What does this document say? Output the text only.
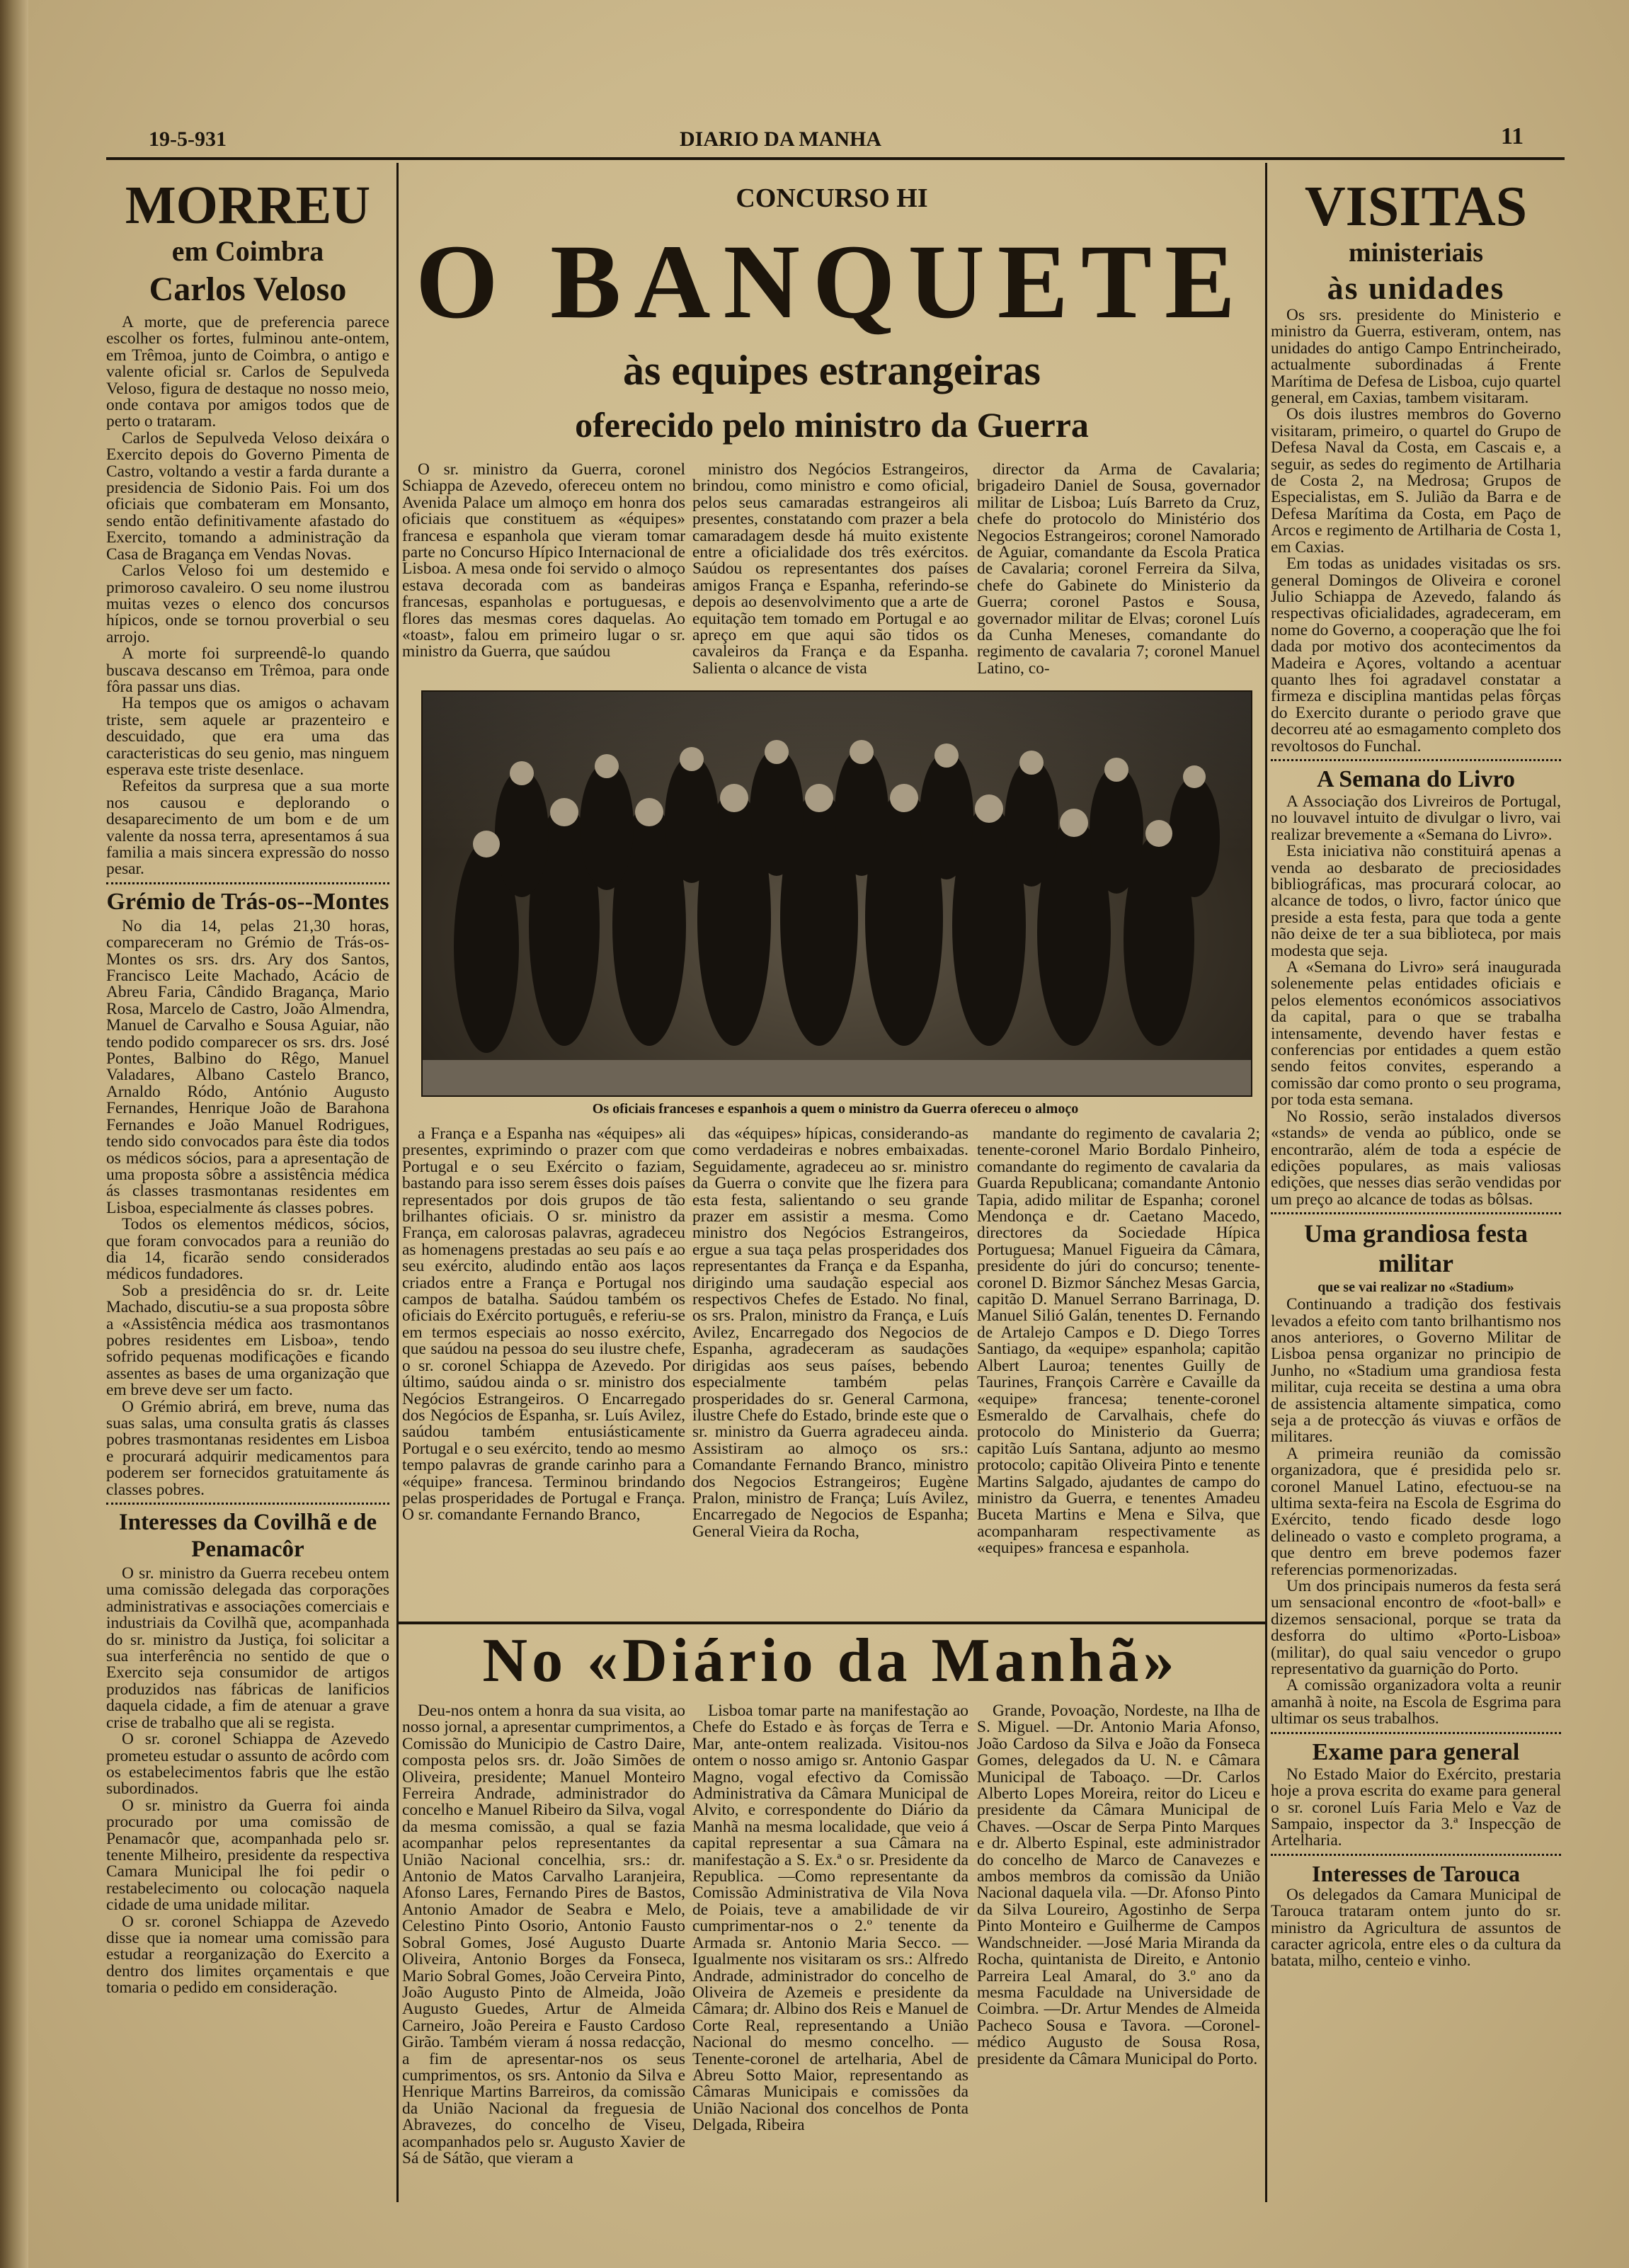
19-5-931	DIARIO DA MANHA	11
MORREU
em Coimbra
Carlos Veloso

A morte, que de preferencia parece escolher os fortes, fulminou ante-ontem, em Trêmoa, junto de Coimbra, o antigo e valente oficial sr. Carlos de Sepulveda Veloso, figura de destaque no nosso meio, onde contava por amigos todos que de perto o trataram.

Carlos de Sepulveda Veloso deixára o Exercito depois do Governo Pimenta de Castro, voltando a vestir a farda durante a presidencia de Sidonio Pais. Foi um dos oficiais que combateram em Monsanto, sendo então definitivamente afastado do Exercito, tomando a administração da Casa de Bragança em Vendas Novas.

Carlos Veloso foi um destemido e primoroso cavaleiro. O seu nome ilustrou muitas vezes o elenco dos concursos hípicos, onde se tornou proverbial o seu arrojo.

A morte foi surpreendê-lo quando buscava descanso em Trêmoa, para onde fôra passar uns dias.

Ha tempos que os amigos o achavam triste, sem aquele ar prazenteiro e descuidado, que era uma das caracteristicas do seu genio, mas ninguem esperava este triste desenlace.

Refeitos da surpresa que a sua morte nos causou e deplorando o desaparecimento de um bom e de um valente da nossa terra, apresentamos á sua familia a mais sincera expressão do nosso pesar.

Grémio de Trás-os--Montes

No dia 14, pelas 21,30 horas, compareceram no Grémio de Trás-os-Montes os srs. drs. Ary dos Santos, Francisco Leite Machado, Acácio de Abreu Faria, Cândido Bragança, Mario Rosa, Marcelo de Castro, João Almendra, Manuel de Carvalho e Sousa Aguiar, não tendo podido comparecer os srs. drs. José Pontes, Balbino do Rêgo, Manuel Valadares, Albano Castelo Branco, Arnaldo Ródo, António Augusto Fernandes, Henrique João de Barahona Fernandes e João Manuel Rodrigues, tendo sido convocados para êste dia todos os médicos sócios, para a apresentação de uma proposta sôbre a assistência médica ás classes trasmontanas residentes em Lisboa, especialmente ás classes pobres.

Todos os elementos médicos, sócios, que foram convocados para a reunião do dia 14, ficarão sendo considerados médicos fundadores.

Sob a presidência do sr. dr. Leite Machado, discutiu-se a sua proposta sôbre a «Assistência médica aos trasmontanos pobres residentes em Lisboa», tendo sofrido pequenas modificações e ficando assentes as bases de uma organização que em breve deve ser um facto.

O Grémio abrirá, em breve, numa das suas salas, uma consulta gratis ás classes pobres trasmontanas residentes em Lisboa e procurará adquirir medicamentos para poderem ser fornecidos gratuitamente ás classes pobres.

Interesses da Covilhã e de Penamacôr

O sr. ministro da Guerra recebeu ontem uma comissão delegada das corporações administrativas e associações comerciais e industriais da Covilhã que, acompanhada do sr. ministro da Justiça, foi solicitar a sua interferência no sentido de que o Exercito seja consumidor de artigos produzidos nas fábricas de lanificios daquela cidade, a fim de atenuar a grave crise de trabalho que ali se regista.

O sr. coronel Schiappa de Azevedo prometeu estudar o assunto de acôrdo com os estabelecimentos fabris que lhe estão subordinados.

O sr. ministro da Guerra foi ainda procurado por uma comissão de Penamacôr que, acompanhada pelo sr. tenente Milheiro, presidente da respectiva Camara Municipal lhe foi pedir o restabelecimento ou colocação naquela cidade de uma unidade militar.

O sr. coronel Schiappa de Azevedo disse que ia nomear uma comissão para estudar a reorganização do Exercito a dentro dos limites orçamentais e que tomaria o pedido em consideração.

CONCURSO HI
O BANQUETE
às equipes estrangeiras
oferecido pelo ministro da Guerra

O sr. ministro da Guerra, coronel Schiappa de Azevedo, ofereceu ontem no Avenida Palace um almoço em honra dos oficiais que constituem as «équipes» francesa e espanhola que vieram tomar parte no Concurso Hípico Internacional de Lisboa. A mesa onde foi servido o almoço estava decorada com as bandeiras francesas, espanholas e portuguesas, e flores das mesmas cores daquelas. Ao «toast», falou em primeiro lugar o sr. ministro da Guerra, que saúdou

ministro dos Negócios Estrangeiros, brindou, como ministro e como oficial, pelos seus camaradas estrangeiros ali presentes, constatando com prazer a bela camaradagem desde há muito existente entre a oficialidade dos três exércitos. Saúdou os representantes dos países amigos França e Espanha, referindo-se depois ao desenvolvimento que a arte de equitação tem tomado em Portugal e ao apreço em que aqui são tidos os cavaleiros da França e da Espanha. Salienta o alcance de vista

director da Arma de Cavalaria; brigadeiro Daniel de Sousa, governador militar de Lisboa; Luís Barreto da Cruz, chefe do protocolo do Ministério dos Negocios Estrangeiros; coronel Namorado de Aguiar, comandante da Escola Pratica de Cavalaria; coronel Ferreira da Silva, chefe do Gabinete do Ministerio da Guerra; coronel Pastos e Sousa, governador militar de Elvas; coronel Luís da Cunha Meneses, comandante do regimento de cavalaria 7; coronel Manuel Latino, co-

Os oficiais franceses e espanhois a quem o ministro da Guerra ofereceu o almoço

a França e a Espanha nas «équipes» ali presentes, exprimindo o prazer com que Portugal e o seu Exército o faziam, bastando para isso serem êsses dois países representados por dois grupos de tão brilhantes oficiais. O sr. ministro da França, em calorosas palavras, agradeceu as homenagens prestadas ao seu país e ao seu exército, aludindo então aos laços criados entre a França e Portugal nos campos de batalha. Saúdou também os oficiais do Exército português, e referiu-se em termos especiais ao nosso exército, que saúdou na pessoa do seu ilustre chefe, o sr. coronel Schiappa de Azevedo. Por último, saúdou ainda o sr. ministro dos Negócios Estrangeiros. O Encarregado dos Negócios de Espanha, sr. Luís Avilez, saúdou também entusiásticamente Portugal e o seu exército, tendo ao mesmo tempo palavras de grande carinho para a «équipe» francesa. Terminou brindando pelas prosperidades de Portugal e França. O sr. comandante Fernando Branco,

das «équipes» hípicas, considerando-as como verdadeiras e nobres embaixadas. Seguidamente, agradeceu ao sr. ministro da Guerra o convite que lhe fizera para esta festa, salientando o seu grande prazer em assistir a mesma. Como ministro dos Negócios Estrangeiros, ergue a sua taça pelas prosperidades dos representantes da França e da Espanha, dirigindo uma saudação especial aos respectivos Chefes de Estado. No final, os srs. Pralon, ministro da França, e Luís Avilez, Encarregado dos Negocios de Espanha, agradeceram as saudações dirigidas aos seus países, bebendo especialmente também pelas prosperidades do sr. General Carmona, ilustre Chefe do Estado, brinde este que o sr. ministro da Guerra agradeceu ainda. Assistiram ao almoço os srs.: Comandante Fernando Branco, ministro dos Negocios Estrangeiros; Eugène Pralon, ministro de França; Luís Avilez, Encarregado de Negocios de Espanha; General Vieira da Rocha,

mandante do regimento de cavalaria 2; tenente-coronel Mario Bordalo Pinheiro, comandante do regimento de cavalaria da Guarda Republicana; comandante Antonio Tapia, adido militar de Espanha; coronel Mendonça e dr. Caetano Macedo, directores da Sociedade Hípica Portuguesa; Manuel Figueira da Câmara, presidente do júri do concurso; tenente-coronel D. Bizmor Sánchez Mesas Garcia, capitão D. Manuel Serrano Barrinaga, D. Manuel Silió Galán, tenentes D. Fernando de Artalejo Campos e D. Diego Torres Santiago, da «equipe» espanhola; capitão Albert Lauroa; tenentes Guilly de Taurines, François Carrère e Cavaille da «equipe» francesa; tenente-coronel Esmeraldo de Carvalhais, chefe do protocolo do Ministerio da Guerra; capitão Luís Santana, adjunto ao mesmo protocolo; capitão Oliveira Pinto e tenente Martins Salgado, ajudantes de campo do ministro da Guerra, e tenentes Amadeu Buceta Martins e Mena e Silva, que acompanharam respectivamente as «equipes» francesa e espanhola.

No «Diário da Manhã»

Deu-nos ontem a honra da sua visita, ao nosso jornal, a apresentar cumprimentos, a Comissão do Municipio de Castro Daire, composta pelos srs. dr. João Simões de Oliveira, presidente; Manuel Monteiro Ferreira Andrade, administrador do concelho e Manuel Ribeiro da Silva, vogal da mesma comissão, a qual se fazia acompanhar pelos representantes da União Nacional concelhia, srs.: dr. Antonio de Matos Carvalho Laranjeira, Afonso Lares, Fernando Pires de Bastos, Antonio Amador de Seabra e Melo, Celestino Pinto Osorio, Antonio Fausto Sobral Gomes, José Augusto Duarte Oliveira, Antonio Borges da Fonseca, Mario Sobral Gomes, João Cerveira Pinto, João Augusto Pinto de Almeida, João Augusto Guedes, Artur de Almeida Carneiro, João Pereira e Fausto Cardoso Girão. Também vieram á nossa redacção, a fim de apresentar-nos os seus cumprimentos, os srs. Antonio da Silva e Henrique Martins Barreiros, da comissão da União Nacional da freguesia de Abravezes, do concelho de Viseu, acompanhados pelo sr. Augusto Xavier de Sá de Sátão, que vieram a

Lisboa tomar parte na manifestação ao Chefe do Estado e às forças de Terra e Mar, ante-ontem realizada. Visitou-nos ontem o nosso amigo sr. Antonio Gaspar Magno, vogal efectivo da Comissão Administrativa da Câmara Municipal de Alvito, e correspondente do Diário da Manhã na mesma localidade, que veio á capital representar a sua Câmara na manifestação a S. Ex.ª o sr. Presidente da Republica. —Como representante da Comissão Administrativa de Vila Nova de Poiais, teve a amabilidade de vir cumprimentar-nos o 2.º tenente da Armada sr. Antonio Maria Secco. —Igualmente nos visitaram os srs.: Alfredo Andrade, administrador do concelho de Oliveira de Azemeis e presidente da Câmara; dr. Albino dos Reis e Manuel de Corte Real, representando a União Nacional do mesmo concelho. — Tenente-coronel de artelharia, Abel de Abreu Sotto Maior, representando as Câmaras Municipais e comissões da União Nacional dos concelhos de Ponta Delgada, Ribeira

Grande, Povoação, Nordeste, na Ilha de S. Miguel. —Dr. Antonio Maria Afonso, João Cardoso da Silva e João da Fonseca Gomes, delegados da U. N. e Câmara Municipal de Taboaço. —Dr. Carlos Alberto Lopes Moreira, reitor do Liceu e presidente da Câmara Municipal de Chaves. —Oscar de Serpa Pinto Marques e dr. Alberto Espinal, este administrador do concelho de Marco de Canavezes e ambos membros da comissão da União Nacional daquela vila. —Dr. Afonso Pinto da Silva Loureiro, Agostinho de Serpa Pinto Monteiro e Guilherme de Campos Wandschneider. —José Maria Miranda da Rocha, quintanista de Direito, e Antonio Parreira Leal Amaral, do 3.º ano da mesma Faculdade na Universidade de Coimbra. —Dr. Artur Mendes de Almeida Pacheco Sousa e Tavora. —Coronel-médico Augusto de Sousa Rosa, presidente da Câmara Municipal do Porto.

VISITAS
ministeriais
às unidades

Os srs. presidente do Ministerio e ministro da Guerra, estiveram, ontem, nas unidades do antigo Campo Entrincheirado, actualmente subordinadas á Frente Marítima de Defesa de Lisboa, cujo quartel general, em Caxias, tambem visitaram.

Os dois ilustres membros do Governo visitaram, primeiro, o quartel do Grupo de Defesa Naval da Costa, em Cascais e, a seguir, as sedes do regimento de Artilharia de Costa 2, na Medrosa; Grupos de Especialistas, em S. Julião da Barra e de Defesa Marítima da Costa, em Paço de Arcos e regimento de Artilharia de Costa 1, em Caxias.

Em todas as unidades visitadas os srs. general Domingos de Oliveira e coronel Julio Schiappa de Azevedo, falando ás respectivas oficialidades, agradeceram, em nome do Governo, a cooperação que lhe foi dada por motivo dos acontecimentos da Madeira e Açores, voltando a acentuar quanto lhes foi agradavel constatar a firmeza e disciplina mantidas pelas fôrças do Exercito durante o periodo grave que decorreu até ao esmagamento completo dos revoltosos do Funchal.

A Semana do Livro

A Associação dos Livreiros de Portugal, no louvavel intuito de divulgar o livro, vai realizar brevemente a «Semana do Livro».

Esta iniciativa não constituirá apenas a venda ao desbarato de preciosidades bibliográficas, mas procurará colocar, ao alcance de todos, o livro, factor único que preside a esta festa, para que toda a gente não deixe de ter a sua biblioteca, por mais modesta que seja.

A «Semana do Livro» será inaugurada solenemente pelas entidades oficiais e pelos elementos económicos associativos da capital, para o que se trabalha intensamente, devendo haver festas e conferencias por entidades a quem estão sendo feitos convites, esperando a comissão dar como pronto o seu programa, por toda esta semana.

No Rossio, serão instalados diversos «stands» de venda ao público, onde se encontrarão, além de toda a espécie de edições populares, as mais valiosas edições, que nesses dias serão vendidas por um preço ao alcance de todas as bôlsas.

Uma grandiosa festa militar
que se vai realizar no «Stadium»

Continuando a tradição dos festivais levados a efeito com tanto brilhantismo nos anos anteriores, o Governo Militar de Lisboa pensa organizar no principio de Junho, no «Stadium uma grandiosa festa militar, cuja receita se destina a uma obra de assistencia altamente simpatica, como seja a de protecção ás viuvas e orfãos de militares.

A primeira reunião da comissão organizadora, que é presidida pelo sr. coronel Manuel Latino, efectuou-se na ultima sexta-feira na Escola de Esgrima do Exército, tendo ficado desde logo delineado o vasto e completo programa, a que dentro em breve podemos fazer referencias pormenorizadas.

Um dos principais numeros da festa será um sensacional encontro de «foot-ball» e dizemos sensacional, porque se trata da desforra do ultimo «Porto-Lisboa» (militar), do qual saiu vencedor o grupo representativo da guarnição do Porto.

A comissão organizadora volta a reunir amanhã à noite, na Escola de Esgrima para ultimar os seus trabalhos.

Exame para general

No Estado Maior do Exército, prestaria hoje a prova escrita do exame para general o sr. coronel Luís Faria Melo e Vaz de Sampaio, inspector da 3.ª Inspecção de Artelharia.

Interesses de Tarouca

Os delegados da Camara Municipal de Tarouca trataram ontem junto do sr. ministro da Agricultura de assuntos de caracter agricola, entre eles o da cultura da batata, milho, centeio e vinho.
